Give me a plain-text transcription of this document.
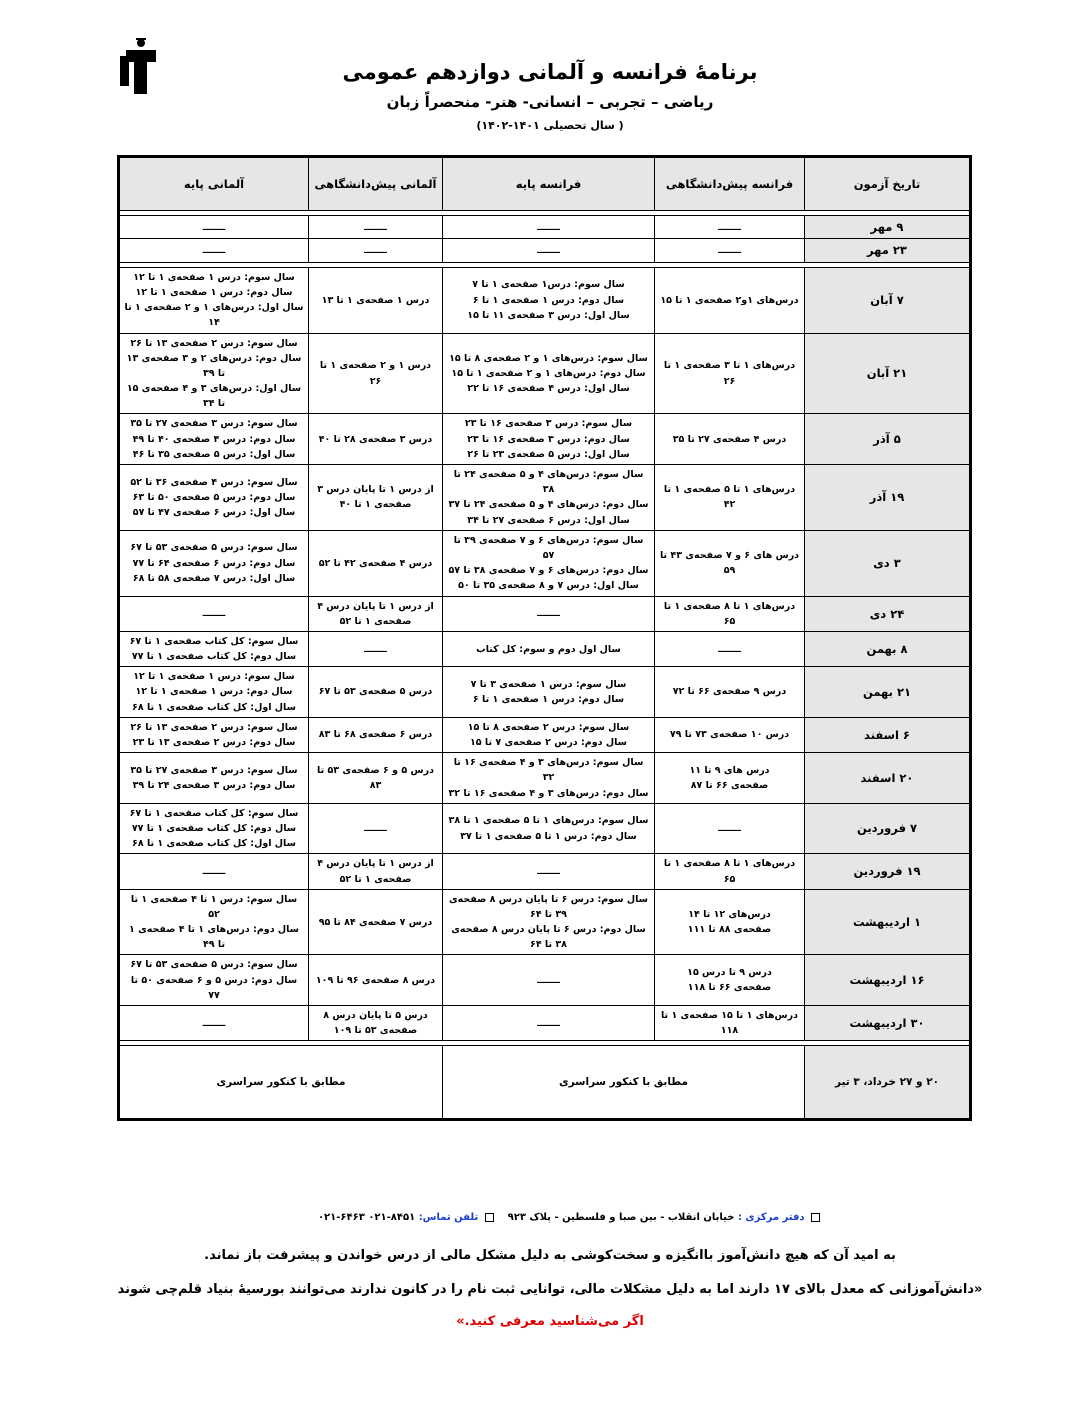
برنامهٔ فرانسه و آلمانی دوازدهم عمومی
ریاضی – تجربی – انسانی- هنر- منحصراً زبان
( سال تحصیلی ۱۴۰۱-۱۴۰۲)
تاریخ آزمون	فرانسه پیش‌دانشگاهی	فرانسه پایه	آلمانی پیش‌دانشگاهی	آلمانی پایه

۹ مهر	ـــــــ	ـــــــ	ـــــــ	ـــــــ
۲۳ مهر	ـــــــ	ـــــــ	ـــــــ	ـــــــ

۷ آبان	درس‌های ۱و۲ صفحه‌ی ۱ تا ۱۵	سال سوم: درس۱ صفحه‌ی ۱ تا ۷
سال دوم: درس ۱ صفحه‌ی ۱ تا ۶
سال اول: درس ۳ صفحه‌ی ۱۱ تا ۱۵	درس ۱ صفحه‌ی ۱ تا ۱۳	سال سوم: درس ۱ صفحه‌ی ۱ تا ۱۲
سال دوم: درس ۱ صفحه‌ی ۱ تا ۱۲
سال اول: درس‌های ۱ و ۲ صفحه‌ی ۱ تا ۱۴
۲۱ آبان	درس‌های ۱ تا ۳ صفحه‌ی ۱ تا ۲۶	سال سوم: درس‌های ۱ و ۲ صفحه‌ی ۸ تا ۱۵
سال دوم: درس‌های ۱ و ۲ صفحه‌ی ۱ تا ۱۵
سال اول: درس ۴ صفحه‌ی ۱۶ تا ۲۲	درس ۱ و ۲ صفحه‌ی ۱ تا ۲۶	سال سوم: درس ۲ صفحه‌ی ۱۳ تا ۲۶
سال دوم: درس‌های ۲ و ۳ صفحه‌ی ۱۳ تا ۳۹
سال اول: درس‌های ۳ و ۴ صفحه‌ی ۱۵ تا ۳۴
۵ آذر	درس ۴ صفحه‌ی ۲۷ تا ۳۵	سال سوم: درس ۳ صفحه‌ی ۱۶ تا ۲۳
سال دوم: درس ۳ صفحه‌ی ۱۶ تا ۲۳
سال اول: درس ۵ صفحه‌ی ۲۳ تا ۲۶	درس ۳ صفحه‌ی ۲۸ تا ۴۰	سال سوم: درس ۳ صفحه‌ی ۲۷ تا ۳۵
سال دوم: درس ۴ صفحه‌ی ۴۰ تا ۴۹
سال اول: درس ۵ صفحه‌ی ۳۵ تا ۴۶
۱۹ آذر	درس‌های ۱ تا ۵ صفحه‌ی ۱ تا ۴۲	سال سوم: درس‌های ۴ و ۵ صفحه‌ی ۲۴ تا ۳۸
سال دوم: درس‌های ۴ و ۵ صفحه‌ی ۲۴ تا ۳۷
سال اول: درس ۶ صفحه‌ی ۲۷ تا ۳۴	از درس ۱ تا پایان درس ۳
صفحه‌ی ۱ تا ۴۰	سال سوم: درس ۴ صفحه‌ی ۳۶ تا ۵۲
سال دوم: درس ۵ صفحه‌ی ۵۰ تا ۶۳
سال اول: درس ۶ صفحه‌ی ۴۷ تا ۵۷
۳ دی	درس های ۶ و ۷ صفحه‌ی ۴۳ تا ۵۹	سال سوم: درس‌های ۶ و ۷ صفحه‌ی ۳۹ تا ۵۷
سال دوم: درس‌های ۶ و ۷ صفحه‌ی ۳۸ تا ۵۷
سال اول: درس ۷ و ۸ صفحه‌ی ۳۵ تا ۵۰	درس ۴ صفحه‌ی ۴۲ تا ۵۲	سال سوم: درس ۵ صفحه‌ی ۵۳ تا ۶۷
سال دوم: درس ۶ صفحه‌ی ۶۴ تا ۷۷
سال اول: درس ۷ صفحه‌ی ۵۸ تا ۶۸
۲۴ دی	درس‌های ۱ تا ۸ صفحه‌ی ۱ تا ۶۵	ـــــــ	از درس ۱ تا پایان درس ۴
صفحه‌ی ۱ تا ۵۲	ـــــــ
۸ بهمن	ـــــــ	سال اول دوم و سوم: کل کتاب	ـــــــ	سال سوم: کل کتاب صفحه‌ی ۱ تا ۶۷
سال دوم: کل کتاب صفحه‌ی ۱ تا ۷۷
۲۱ بهمن	درس ۹ صفحه‌ی ۶۶ تا ۷۲	سال سوم: درس ۱ صفحه‌ی ۳ تا ۷
سال دوم: درس ۱ صفحه‌ی ۱ تا ۶	درس ۵ صفحه‌ی ۵۳ تا ۶۷	سال سوم: درس ۱ صفحه‌ی ۱ تا ۱۲
سال دوم: درس ۱ صفحه‌ی ۱ تا ۱۲
سال اول: کل کتاب صفحه‌ی ۱ تا ۶۸
۶ اسفند	درس ۱۰ صفحه‌ی ۷۳ تا ۷۹	سال سوم: درس ۲ صفحه‌ی ۸ تا ۱۵
سال دوم: درس ۲ صفحه‌ی ۷ تا ۱۵	درس ۶ صفحه‌ی ۶۸ تا ۸۳	سال سوم: درس ۲ صفحه‌ی ۱۳ تا ۲۶
سال دوم: درس ۲ صفحه‌ی ۱۳ تا ۲۳
۲۰ اسفند	درس های ۹ تا ۱۱
صفحه‌ی ۶۶ تا ۸۷	سال سوم: درس‌های ۳ و ۴ صفحه‌ی ۱۶ تا ۳۲
سال دوم: درس‌های ۳ و ۴ صفحه‌ی ۱۶ تا ۳۲	درس ۵ و ۶ صفحه‌ی ۵۳ تا ۸۳	سال سوم: درس ۳ صفحه‌ی ۲۷ تا ۳۵
سال دوم: درس ۳ صفحه‌ی ۲۴ تا ۳۹
۷ فروردین	ـــــــ	سال سوم: درس‌های ۱ تا ۵ صفحه‌ی ۱ تا ۳۸
سال دوم: درس ۱ تا ۵ صفحه‌ی ۱ تا ۳۷	ـــــــ	سال سوم: کل کتاب صفحه‌ی ۱ تا ۶۷
سال دوم: کل کتاب صفحه‌ی ۱ تا ۷۷
سال اول: کل کتاب صفحه‌ی ۱ تا ۶۸
۱۹ فروردین	درس‌های ۱ تا ۸ صفحه‌ی ۱ تا ۶۵	ـــــــ	از درس ۱ تا پایان درس ۴
صفحه‌ی ۱ تا ۵۲	ـــــــ
۱ اردیبهشت	درس‌های ۱۲ تا ۱۴
صفحه‌ی ۸۸ تا ۱۱۱	سال سوم: درس ۶ تا پایان درس ۸ صفحه‌ی ۳۹ تا ۶۴
سال دوم: درس ۶ تا پایان درس ۸ صفحه‌ی ۳۸ تا ۶۴	درس ۷ صفحه‌ی ۸۴ تا ۹۵	سال سوم: درس ۱ تا ۴ صفحه‌ی ۱ تا ۵۲
سال دوم: درس‌های ۱ تا ۴ صفحه‌ی ۱ تا ۴۹
۱۶ اردیبهشت	درس ۹ تا درس ۱۵
صفحه‌ی ۶۶ تا ۱۱۸	ـــــــ	درس ۸ صفحه‌ی ۹۶ تا ۱۰۹	سال سوم: درس ۵ صفحه‌ی ۵۳ تا ۶۷
سال دوم: درس ۵ و ۶ صفحه‌ی ۵۰ تا ۷۷
۳۰ اردیبهشت	درس‌های ۱ تا ۱۵ صفحه‌ی ۱ تا ۱۱۸	ـــــــ	درس ۵ تا پایان درس ۸
صفحه‌ی ۵۳ تا ۱۰۹	ـــــــ

۲۰ و ۲۷ خرداد، ۳ تیر	مطابق با کنکور سراسری		مطابق با کنکور سراسری	
دفتر مرکزی : خیابان انقلاب - بین صبا و فلسطین - پلاک ۹۲۳     تلفن تماس: ۸۴۵۱-۰۲۱ ۶۴۶۳-۰۲۱
به امید آن که هیچ دانش‌آموز باانگیزه و سخت‌کوشی به دلیل مشکل مالی از درس خواندن و پیشرفت باز نماند.
«دانش‌آموزانی که معدل بالای ۱۷ دارند اما به دلیل مشکلات مالی، توانایی ثبت نام را در کانون ندارند می‌توانند بورسیهٔ بنیاد قلم‌چی شوند
اگر می‌شناسید معرفی کنید.»
